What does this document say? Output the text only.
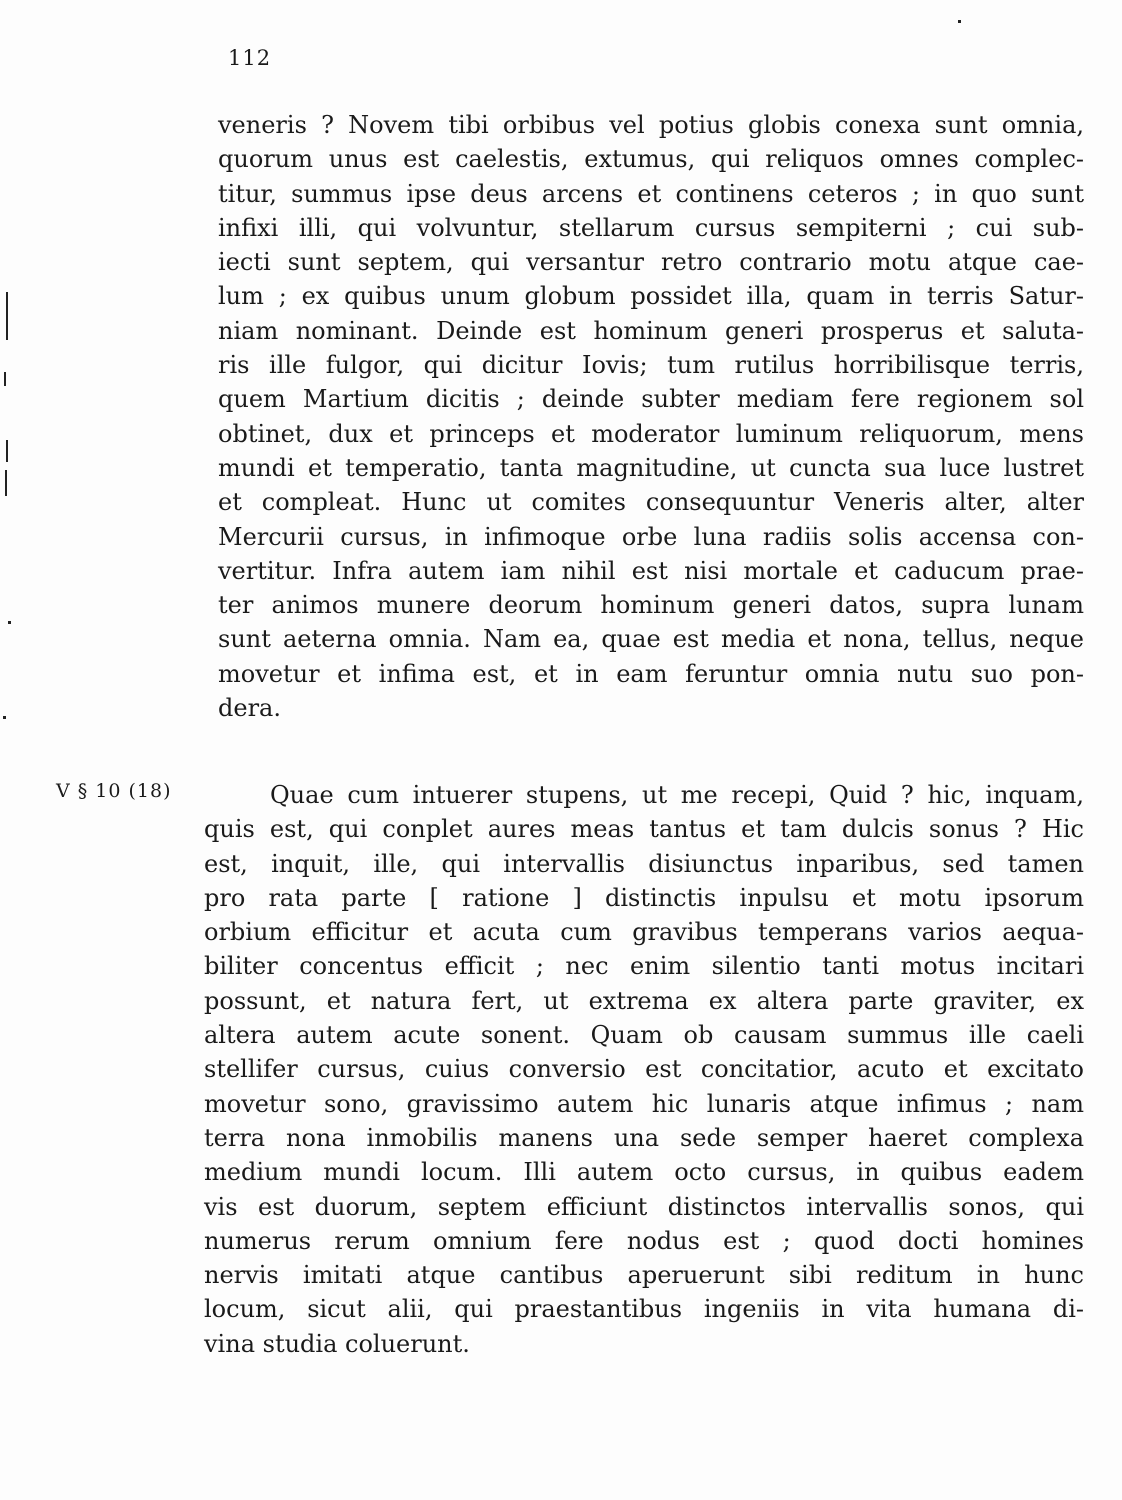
112
veneris ? Novem tibi orbibus vel potius globis conexa sunt omnia,
quorum unus est caelestis, extumus, qui reliquos omnes complec-
titur, summus ipse deus arcens et continens ceteros ; in quo sunt
infixi illi, qui volvuntur, stellarum cursus sempiterni ; cui sub-
iecti sunt septem, qui versantur retro contrario motu atque cae-
lum ; ex quibus unum globum possidet illa, quam in terris Satur-
niam nominant. Deinde est hominum generi prosperus et saluta-
ris ille fulgor, qui dicitur Iovis; tum rutilus horribilisque terris,
quem Martium dicitis ; deinde subter mediam fere regionem sol
obtinet, dux et princeps et moderator luminum reliquorum, mens
mundi et temperatio, tanta magnitudine, ut cuncta sua luce lustret
et compleat. Hunc ut comites consequuntur Veneris alter, alter
Mercurii cursus, in infimoque orbe luna radiis solis accensa con-
vertitur. Infra autem iam nihil est nisi mortale et caducum prae-
ter animos munere deorum hominum generi datos, supra lunam
sunt aeterna omnia. Nam ea, quae est media et nona, tellus, neque
movetur et infima est, et in eam feruntur omnia nutu suo pon-
dera.
V § 10 (18)	Quae cum intuerer stupens, ut me recepi, Quid ? hic, inquam,
quis est, qui conplet aures meas tantus et tam dulcis sonus ? Hic
est, inquit, ille, qui intervallis disiunctus inparibus, sed tamen
pro rata parte [ ratione ] distinctis inpulsu et motu ipsorum
orbium efficitur et acuta cum gravibus temperans varios aequa-
biliter concentus efficit ; nec enim silentio tanti motus incitari
possunt, et natura fert, ut extrema ex altera parte graviter, ex
altera autem acute sonent. Quam ob causam summus ille caeli
stellifer cursus, cuius conversio est concitatior, acuto et excitato
movetur sono, gravissimo autem hic lunaris atque infimus ; nam
terra nona inmobilis manens una sede semper haeret complexa
medium mundi locum. Illi autem octo cursus, in quibus eadem
vis est duorum, septem efficiunt distinctos intervallis sonos, qui
numerus rerum omnium fere nodus est ; quod docti homines
nervis imitati atque cantibus aperuerunt sibi reditum in hunc
locum, sicut alii, qui praestantibus ingeniis in vita humana di-
vina studia coluerunt.
